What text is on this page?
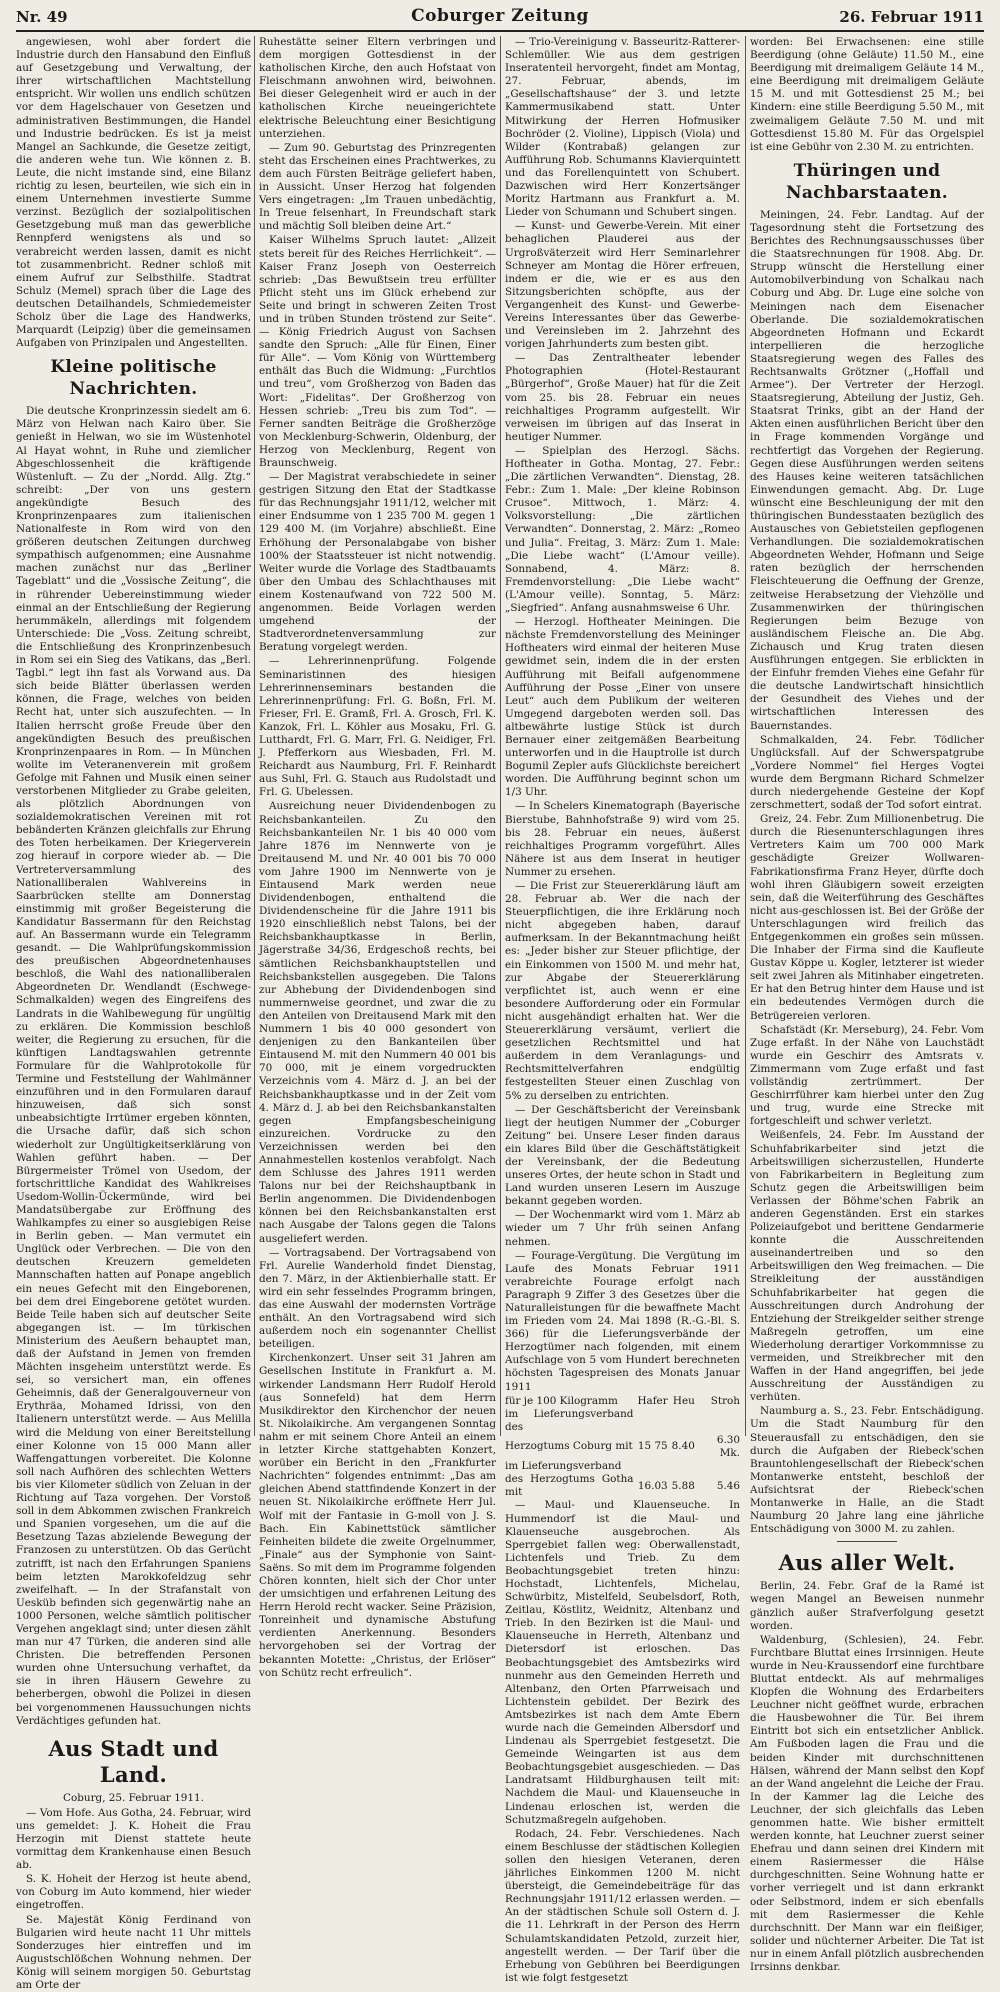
Nr. 49	Coburger Zeitung	26. Februar 1911
angewiesen, wohl aber fordert die Industrie durch den Hansabund den Einfluß auf Gesetzgebung und Verwaltung, der ihrer wirtschaftlichen Machtstellung entspricht. Wir wollen uns endlich schützen vor dem Hagelschauer von Gesetzen und administrativen Bestimmungen, die Handel und Industrie bedrücken. Es ist ja meist Mangel an Sachkunde, die Gesetze zeitigt, die anderen wehe tun. Wie können z. B. Leute, die nicht imstande sind, eine Bilanz richtig zu lesen, beurteilen, wie sich ein in einem Unternehmen investierte Summe verzinst. Bezüglich der sozialpolitischen Gesetzgebung muß man das gewerbliche Rennpferd wenigstens als und so verabreicht werden lassen, damit es nicht tot zusammenbricht. Redner schloß mit einem Aufruf zur Selbsthilfe. Stadtrat Schulz (Memel) sprach über die Lage des deutschen Detailhandels, Schmiedemeister Scholz über die Lage des Handwerks, Marquardt (Leipzig) über die gemeinsamen Aufgaben von Prinzipalen und Angestellten.
Kleine politische Nachrichten.
Die deutsche Kronprinzessin siedelt am 6. März von Helwan nach Kairo über. Sie genießt in Helwan, wo sie im Wüstenhotel Al Hayat wohnt, in Ruhe und ziemlicher Abgeschlossenheit die kräftigende Wüstenluft. — Zu der „Nordd. Allg. Ztg.“ schreibt: „Der von uns gestern angekündigte Besuch des Kronprinzenpaares zum italienischen Nationalfeste in Rom wird von den größeren deutschen Zeitungen durchweg sympathisch aufgenommen; eine Ausnahme machen zunächst nur das „Berliner Tageblatt“ und die „Vossische Zeitung“, die in rührender Uebereinstimmung wieder einmal an der Entschließung der Regierung herummäkeln, allerdings mit folgendem Unterschiede: Die „Voss. Zeitung schreibt, die Entschließung des Kronprinzenbesuch in Rom sei ein Sieg des Vatikans, das „Berl. Tagbl.“ legt ihn fast als Vorwand aus. Da sich beide Blätter überlassen werden können, die Frage, welches von beiden Recht hat, unter sich auszufechten. — In Italien herrscht große Freude über den angekündigten Besuch des preußischen Kronprinzenpaares in Rom. — In München wollte im Veteranenverein mit großem Gefolge mit Fahnen und Musik einen seiner verstorbenen Mitglieder zu Grabe geleiten, als plötzlich Abordnungen von sozialdemokratischen Vereinen mit rot bebänderten Kränzen gleichfalls zur Ehrung des Toten herbeikamen. Der Kriegerverein zog hierauf in corpore wieder ab. — Die Vertreterversammlung des Nationalliberalen Wahlvereins in Saarbrücken stellte am Donnerstag einstimmig mit großer Begeisterung die Kandidatur Bassermann für den Reichstag auf. An Bassermann wurde ein Telegramm gesandt. — Die Wahlprüfungskommission des preußischen Abgeordnetenhauses beschloß, die Wahl des nationalliberalen Abgeordneten Dr. Wendlandt (Eschwege-Schmalkalden) wegen des Eingreifens des Landrats in die Wahlbewegung für ungültig zu erklären. Die Kommission beschloß weiter, die Regierung zu ersuchen, für die künftigen Landtagswahlen getrennte Formulare für die Wahlprotokolle für Termine und Feststellung der Wahlmänner einzuführen und in den Formularen darauf hinzuweisen, daß sich sonst unbeabsichtigte Irrtümer ergeben könnten, die Ursache dafür, daß sich schon wiederholt zur Ungültigkeitserklärung von Wahlen geführt haben. — Der Bürgermeister Trömel von Usedom, der fortschrittliche Kandidat des Wahlkreises Usedom-Wollin-Ückermünde, wird bei Mandatsübergabe zur Eröffnung des Wahlkampfes zu einer so ausgiebigen Reise in Berlin geben. — Man vermutet ein Unglück oder Verbrechen. — Die von den deutschen Kreuzern gemeldeten Mannschaften hatten auf Ponape angeblich ein neues Gefecht mit den Eingeborenen, bei dem drei Eingeborene getötet wurden. Beide Teile haben sich auf deutscher Seite abgegangen ist. — Im türkischen Ministerium des Aeußern behauptet man, daß der Aufstand in Jemen von fremden Mächten insgeheim unterstützt werde. Es sei, so versichert man, ein offenes Geheimnis, daß der Generalgouverneur von Erythräa, Mohamed Idrissi, von den Italienern unterstützt werde. — Aus Melilla wird die Meldung von einer Bereitstellung einer Kolonne von 15 000 Mann aller Waffengattungen vorbereitet. Die Kolonne soll nach Aufhören des schlechten Wetters bis vier Kilometer südlich von Zeluan in der Richtung auf Taza vorgehen. Der Vorstoß soll in dem Abkommen zwischen Frankreich und Spanien vorgesehen, um die auf die Besetzung Tazas abzielende Bewegung der Franzosen zu unterstützen. Ob das Gerücht zutrifft, ist nach den Erfahrungen Spaniens beim letzten Marokkofeldzug sehr zweifelhaft. — In der Strafanstalt von Uesküb befinden sich gegenwärtig nahe an 1000 Personen, welche sämtlich politischer Vergehen angeklagt sind; unter diesen zählt man nur 47 Türken, die anderen sind alle Christen. Die betreffenden Personen wurden ohne Untersuchung verhaftet, da sie in ihren Häusern Gewehre zu beherbergen, obwohl die Polizei in diesen bei vorgenommenen Haussuchungen nichts Verdächtiges gefunden hat.
Aus Stadt und Land.
Coburg, 25. Februar 1911.
— Vom Hofe. Aus Gotha, 24. Februar, wird uns gemeldet: J. K. Hoheit die Frau Herzogin mit Dienst stattete heute vormittag dem Krankenhause einen Besuch ab.
S. K. Hoheit der Herzog ist heute abend, von Coburg im Auto kommend, hier wieder eingetroffen.
Se. Majestät König Ferdinand von Bulgarien wird heute nacht 11 Uhr mittels Sonderzuges hier eintreffen und im Augustschlößchen Wohnung nehmen. Der König will seinem morgigen 50. Geburtstag am Orte der
Ruhestätte seiner Eltern verbringen und dem morgigen Gottesdienst in der katholischen Kirche, den auch Hofstaat von Fleischmann anwohnen wird, beiwohnen. Bei dieser Gelegenheit wird er auch in der katholischen Kirche neueingerichtete elektrische Beleuchtung einer Besichtigung unterziehen.
— Zum 90. Geburtstag des Prinzregenten steht das Erscheinen eines Prachtwerkes, zu dem auch Fürsten Beiträge geliefert haben, in Aussicht. Unser Herzog hat folgenden Vers eingetragen: „Im Trauen unbedächtig, In Treue felsenhart, In Freundschaft stark und mächtig Soll bleiben deine Art.“
Kaiser Wilhelms Spruch lautet: „Allzeit stets bereit für des Reiches Herrlichkeit“. — Kaiser Franz Joseph von Oesterreich schrieb: „Das Bewußtsein treu erfüllter Pflicht steht uns im Glück erhebend zur Seite und bringt in schweren Zeiten Trost und in trüben Stunden tröstend zur Seite“. — König Friedrich August von Sachsen sandte den Spruch: „Alle für Einen, Einer für Alle“. — Vom König von Württemberg enthält das Buch die Widmung: „Furchtlos und treu“, vom Großherzog von Baden das Wort: „Fidelitas“. Der Großherzog von Hessen schrieb: „Treu bis zum Tod“. — Ferner sandten Beiträge die Großherzöge von Mecklenburg-Schwerin, Oldenburg, der Herzog von Mecklenburg, Regent von Braunschweig.
— Der Magistrat verabschiedete in seiner gestrigen Sitzung den Etat der Stadtkasse für das Rechnungsjahr 1911/12, welcher mit einer Endsumme von 1 235 700 M. gegen 1 129 400 M. (im Vorjahre) abschließt. Eine Erhöhung der Personalabgabe von bisher 100% der Staatssteuer ist nicht notwendig. Weiter wurde die Vorlage des Stadtbauamts über den Umbau des Schlachthauses mit einem Kostenaufwand von 722 500 M. angenommen. Beide Vorlagen werden umgehend der Stadtverordnetenversammlung zur Beratung vorgelegt werden.
— Lehrerinnenprüfung. Folgende Seminaristinnen des hiesigen Lehrerinnenseminars bestanden die Lehrerinnenprüfung: Frl. G. Boßn, Frl. M. Frieser, Frl. E. Gramß, Frl. A. Grosch, Frl. K. Kanzok, Frl. L. Köhler aus Mosaku, Frl. G. Lutthardt, Frl. G. Marr, Frl. G. Neidiger, Frl. J. Pfefferkorn aus Wiesbaden, Frl. M. Reichardt aus Naumburg, Frl. F. Reinhardt aus Suhl, Frl. G. Stauch aus Rudolstadt und Frl. G. Ubelessen.
Ausreichung neuer Dividendenbogen zu Reichsbankanteilen. Zu den Reichsbankanteilen Nr. 1 bis 40 000 vom Jahre 1876 im Nennwerte von je Dreitausend M. und Nr. 40 001 bis 70 000 vom Jahre 1900 im Nennwerte von je Eintausend Mark werden neue Dividendenbogen, enthaltend die Dividendenscheine für die Jahre 1911 bis 1920 einschließlich nebst Talons, bei der Reichsbankhauptkasse in Berlin, Jägerstraße 34/36, Erdgeschoß rechts, bei sämtlichen Reichsbankhauptstellen und Reichsbankstellen ausgegeben. Die Talons zur Abhebung der Dividendenbogen sind nummernweise geordnet, und zwar die zu den Anteilen von Dreitausend Mark mit den Nummern 1 bis 40 000 gesondert von denjenigen zu den Bankanteilen über Eintausend M. mit den Nummern 40 001 bis 70 000, mit je einem vorgedruckten Verzeichnis vom 4. März d. J. an bei der Reichsbankhauptkasse und in der Zeit vom 4. März d. J. ab bei den Reichsbankanstalten gegen Empfangsbescheinigung einzureichen. Vordrucke zu den Verzeichnissen werden bei den Annahmestellen kostenlos verabfolgt. Nach dem Schlusse des Jahres 1911 werden Talons nur bei der Reichshauptbank in Berlin angenommen. Die Dividendenbogen können bei den Reichsbankanstalten erst nach Ausgabe der Talons gegen die Talons ausgeliefert werden.
— Vortragsabend. Der Vortragsabend von Frl. Aurelie Wanderhold findet Dienstag, den 7. März, in der Aktienbierhalle statt. Er wird ein sehr fesselndes Programm bringen, das eine Auswahl der modernsten Vorträge enthält. An den Vortragsabend wird sich außerdem noch ein sogenannter Chellist beteiligen.
Kirchenkonzert. Unser seit 31 Jahren am Gesellschen Institute in Frankfurt a. M. wirkender Landsmann Herr Rudolf Herold (aus Sonnefeld) hat dem Herrn Musikdirektor den Kirchenchor der neuen St. Nikolaikirche. Am vergangenen Sonntag nahm er mit seinem Chore Anteil an einem in letzter Kirche stattgehabten Konzert, worüber ein Bericht in den „Frankfurter Nachrichten“ folgendes entnimmt: „Das am gleichen Abend stattfindende Konzert in der neuen St. Nikolaikirche eröffnete Herr Jul. Wolf mit der Fantasie in G-moll von J. S. Bach. Ein Kabinettstück sämtlicher Feinheiten bildete die zweite Orgelnummer, „Finale“ aus der Symphonie von Saint-Saëns. So mit dem im Programme folgenden Chören konnten, hielt sich der Chor unter der umsichtigen und erfahrenen Leitung des Herrn Herold recht wacker. Seine Präzision, Tonreinheit und dynamische Abstufung verdienten Anerkennung. Besonders hervorgehoben sei der Vortrag der bekannten Motette: „Christus, der Erlöser“ von Schütz recht erfreulich“.
— Trio-Vereinigung v. Basseuritz-Ratterer-Schlemüller. Wie aus dem gestrigen Inseratenteil hervorgeht, findet am Montag, 27. Februar, abends, im „Gesellschaftshause“ der 3. und letzte Kammermusikabend statt. Unter Mitwirkung der Herren Hofmusiker Bochröder (2. Violine), Lippisch (Viola) und Wilder (Kontrabaß) gelangen zur Aufführung Rob. Schumanns Klavierquintett und das Forellenquintett von Schubert. Dazwischen wird Herr Konzertsänger Moritz Hartmann aus Frankfurt a. M. Lieder von Schumann und Schubert singen.
— Kunst- und Gewerbe-Verein. Mit einer behaglichen Plauderei aus der Urgroßväterzeit wird Herr Seminarlehrer Schneyer am Montag die Hörer erfreuen, indem er die, wie er es aus den Sitzungsberichten schöpfte, aus der Vergangenheit des Kunst- und Gewerbe-Vereins Interessantes über das Gewerbe- und Vereinsleben im 2. Jahrzehnt des vorigen Jahrhunderts zum besten gibt.
— Das Zentraltheater lebender Photographien (Hotel-Restaurant „Bürgerhof“, Große Mauer) hat für die Zeit vom 25. bis 28. Februar ein neues reichhaltiges Programm aufgestellt. Wir verweisen im übrigen auf das Inserat in heutiger Nummer.
— Spielplan des Herzogl. Sächs. Hoftheater in Gotha. Montag, 27. Febr.: „Die zärtlichen Verwandten“. Dienstag, 28. Febr.: Zum 1. Male: „Der kleine Robinson Crusoe“. Mittwoch, 1. März: 4. Volksvorstellung: „Die zärtlichen Verwandten“. Donnerstag, 2. März: „Romeo und Julia“. Freitag, 3. März: Zum 1. Male: „Die Liebe wacht“ (L'Amour veille). Sonnabend, 4. März: 8. Fremdenvorstellung: „Die Liebe wacht“ (L'Amour veille). Sonntag, 5. März: „Siegfried“. Anfang ausnahmsweise 6 Uhr.
— Herzogl. Hoftheater Meiningen. Die nächste Fremdenvorstellung des Meininger Hoftheaters wird einmal der heiteren Muse gewidmet sein, indem die in der ersten Aufführung mit Beifall aufgenommene Aufführung der Posse „Einer von unsere Leut“ auch dem Publikum der weiteren Umgegend dargeboten werden soll. Das altbewährte lustige Stück ist durch Bernauer einer zeitgemäßen Bearbeitung unterworfen und in die Hauptrolle ist durch Bogumil Zepler aufs Glücklichste bereichert worden. Die Aufführung beginnt schon um 1/3 Uhr.
— In Schelers Kinematograph (Bayerische Bierstube, Bahnhofstraße 9) wird vom 25. bis 28. Februar ein neues, äußerst reichhaltiges Programm vorgeführt. Alles Nähere ist aus dem Inserat in heutiger Nummer zu ersehen.
— Die Frist zur Steuererklärung läuft am 28. Februar ab. Wer die nach der Steuerpflichtigen, die ihre Erklärung noch nicht abgegeben haben, darauf aufmerksam. In der Bekanntmachung heißt es: „Jeder bisher zur Steuer pflichtige, der ein Einkommen von 1500 M. und mehr hat, zur Abgabe der Steuererklärung verpflichtet ist, auch wenn er eine besondere Aufforderung oder ein Formular nicht ausgehändigt erhalten hat. Wer die Steuererklärung versäumt, verliert die gesetzlichen Rechtsmittel und hat außerdem in dem Veranlagungs- und Rechtsmittelverfahren endgültig festgestellten Steuer einen Zuschlag von 5% zu derselben zu entrichten.
— Der Geschäftsbericht der Vereinsbank liegt der heutigen Nummer der „Coburger Zeitung“ bei. Unsere Leser finden daraus ein klares Bild über die Geschäftstätigkeit der Vereinsbank, der die Bedeutung unseres Ortes, der heute schon in Stadt und Land wurden unseren Lesern im Auszuge bekannt gegeben worden.
— Der Wochenmarkt wird vom 1. März ab wieder um 7 Uhr früh seinen Anfang nehmen.
— Fourage-Vergütung. Die Vergütung im Laufe des Monats Februar 1911 verabreichte Fourage erfolgt nach Paragraph 9 Ziffer 3 des Gesetzes über die Naturalleistungen für die bewaffnete Macht im Frieden vom 24. Mai 1898 (R.-G.-Bl. S. 366) für die Lieferungsverbände der Herzogtümer nach folgenden, mit einem Aufschlage von 5 vom Hundert berechneten höchsten Tagespreisen des Monats Januar 1911
für je 100 Kilogramm	Hafer	Heu	Stroh
im Lieferungsverband des			
Herzogtums Coburg mit	15 75	8.40	6.30 Mk.
im Lieferungsverband			
des Herzogtums Gotha mit	16.03	5.88	5.46
— Maul- und Klauenseuche. In Hummendorf ist die Maul- und Klauenseuche ausgebrochen. Als Sperrgebiet fallen weg: Oberwallenstadt, Lichtenfels und Trieb. Zu dem Beobachtungsgebiet treten hinzu: Hochstadt, Lichtenfels, Michelau, Schwürbitz, Mistelfeld, Seubelsdorf, Roth, Zeitlau, Köstlitz, Weidnitz, Altenbanz und Trieb. In den Bezirken ist die Maul- und Klauenseuche in Herreth, Altenbanz und Dietersdorf ist erloschen. Das Beobachtungsgebiet des Amtsbezirks wird nunmehr aus den Gemeinden Herreth und Altenbanz, den Orten Pfarrweisach und Lichtenstein gebildet. Der Bezirk des Amtsbezirkes ist nach dem Amte Ebern wurde nach die Gemeinden Albersdorf und Lindenau als Sperrgebiet festgesetzt. Die Gemeinde Weingarten ist aus dem Beobachtungsgebiet ausgeschieden. — Das Landratsamt Hildburghausen teilt mit: Nachdem die Maul- und Klauenseuche in Lindenau erloschen ist, werden die Schutzmaßregeln aufgehoben.
Rodach, 24. Febr. Verschiedenes. Nach einem Beschlusse der städtischen Kollegien sollen den hiesigen Veteranen, deren jährliches Einkommen 1200 M. nicht übersteigt, die Gemeindebeiträge für das Rechnungsjahr 1911/12 erlassen werden. — An der städtischen Schule soll Ostern d. J. die 11. Lehrkraft in der Person des Herrn Schulamtskandidaten Petzold, zurzeit hier, angestellt werden. — Der Tarif über die Erhebung von Gebühren bei Beerdigungen ist wie folgt festgesetzt
worden: Bei Erwachsenen: eine stille Beerdigung (ohne Geläute) 11.50 M., eine Beerdigung mit dreimaligem Geläute 14 M., eine Beerdigung mit dreimaligem Geläute 15 M. und mit Gottesdienst 25 M.; bei Kindern: eine stille Beerdigung 5.50 M., mit zweimaligem Geläute 7.50 M. und mit Gottesdienst 15.80 M. Für das Orgelspiel ist eine Gebühr von 2.30 M. zu entrichten.
Thüringen und Nachbarstaaten.
Meiningen, 24. Febr. Landtag. Auf der Tagesordnung steht die Fortsetzung des Berichtes des Rechnungsausschusses über die Staatsrechnungen für 1908. Abg. Dr. Strupp wünscht die Herstellung einer Automobilverbindung von Schalkau nach Coburg und Abg. Dr. Luge eine solche von Meiningen nach dem Eisenacher Oberlande. Die sozialdemokratischen Abgeordneten Hofmann und Eckardt interpellieren die herzogliche Staatsregierung wegen des Falles des Rechtsanwalts Grötzner („Hoffall und Armee“). Der Vertreter der Herzogl. Staatsregierung, Abteilung der Justiz, Geh. Staatsrat Trinks, gibt an der Hand der Akten einen ausführlichen Bericht über den in Frage kommenden Vorgänge und rechtfertigt das Vorgehen der Regierung. Gegen diese Ausführungen werden seitens des Hauses keine weiteren tatsächlichen Einwendungen gemacht. Abg. Dr. Luge wünscht eine Beschleunigung der mit den thüringischen Bundesstaaten bezüglich des Austausches von Gebietsteilen gepflogenen Verhandlungen. Die sozialdemokratischen Abgeordneten Wehder, Hofmann und Seige raten bezüglich der herrschenden Fleischteuerung die Oeffnung der Grenze, zeitweise Herabsetzung der Viehzölle und Zusammenwirken der thüringischen Regierungen beim Bezuge von ausländischem Fleische an. Die Abg. Zichausch und Krug traten diesen Ausführungen entgegen. Sie erblickten in der Einfuhr fremden Viehes eine Gefahr für die deutsche Landwirtschaft hinsichtlich der Gesundheit des Viehes und der wirtschaftlichen Interessen des Bauernstandes.
Schmalkalden, 24. Febr. Tödlicher Unglücksfall. Auf der Schwerspatgrube „Vordere Nommel“ fiel Herges Vogtei wurde dem Bergmann Richard Schmelzer durch niedergehende Gesteine der Kopf zerschmettert, sodaß der Tod sofort eintrat.
Greiz, 24. Febr. Zum Millionenbetrug. Die durch die Riesenunterschlagungen ihres Vertreters Kaim um 700 000 Mark geschädigte Greizer Wollwaren-Fabrikationsfirma Franz Heyer, dürfte doch wohl ihren Gläubigern soweit erzeigten sein, daß die Weiterführung des Geschäftes nicht aus-geschlossen ist. Bei der Größe der Unterschlagungen wird freilich das Entgegenkommen ein großes sein müssen. Die Inhaber der Firma sind die Kaufleute Gustav Köppe u. Kogler, letzterer ist wieder seit zwei Jahren als Mitinhaber eingetreten. Er hat den Betrug hinter dem Hause und ist ein bedeutendes Vermögen durch die Betrügereien verloren.
Schafstädt (Kr. Merseburg), 24. Febr. Vom Zuge erfaßt. In der Nähe von Lauchstädt wurde ein Geschirr des Amtsrats v. Zimmermann vom Zuge erfaßt und fast vollständig zertrümmert. Der Geschirrführer kam hierbei unter den Zug und trug, wurde eine Strecke mit fortgeschleift und schwer verletzt.
Weißenfels, 24. Febr. Im Ausstand der Schuhfabrikarbeiter sind jetzt die Arbeitswilligen sicherzustellen, Hunderte von Fabrikarbeitern in Begleitung zum Schutz gegen die Arbeitswilligen beim Verlassen der Böhme'schen Fabrik an anderen Gegenständen. Erst ein starkes Polizeiaufgebot und berittene Gendarmerie konnte die Ausschreitenden auseinandertreiben und so den Arbeitswilligen den Weg freimachen. — Die Streikleitung der ausständigen Schuhfabrikarbeiter hat gegen die Ausschreitungen durch Androhung der Entziehung der Streikgelder seither strenge Maßregeln getroffen, um eine Wiederholung derartiger Vorkommnisse zu vermeiden, und Streikbrecher mit den Waffen in der Hand angegriffen, bei jede Ausschreitung der Ausständigen zu verhüten.
Naumburg a. S., 23. Febr. Entschädigung. Um die Stadt Naumburg für den Steuerausfall zu entschädigen, den sie durch die Aufgaben der Riebeck'schen Brauntohlengesellschaft der Riebeck'schen Montanwerke entsteht, beschloß der Aufsichtsrat der Riebeck'schen Montanwerke in Halle, an die Stadt Naumburg 20 Jahre lang eine jährliche Entschädigung von 3000 M. zu zahlen.
Aus aller Welt.
Berlin, 24. Febr. Graf de la Ramé ist wegen Mangel an Beweisen nunmehr gänzlich außer Strafverfolgung gesetzt worden.
Waldenburg, (Schlesien), 24. Febr. Furchtbare Bluttat eines Irrsinnigen. Heute wurde in Neu-Kraussendorf eine furchtbare Bluttat entdeckt. Als auf mehrmaliges Klopfen die Wohnung des Erdarbeiters Leuchner nicht geöffnet wurde, erbrachen die Hausbewohner die Tür. Bei ihrem Eintritt bot sich ein entsetzlicher Anblick. Am Fußboden lagen die Frau und die beiden Kinder mit durchschnittenen Hälsen, während der Mann selbst den Kopf an der Wand angelehnt die Leiche der Frau. In der Kammer lag die Leiche des Leuchner, der sich gleichfalls das Leben genommen hatte. Wie bisher ermittelt werden konnte, hat Leuchner zuerst seiner Ehefrau und dann seinen drei Kindern mit einem Rasiermesser die Hälse durchgeschnitten. Seine Wohnung hatte er vorher verriegelt und ist dann erkrankt oder Selbstmord, indem er sich ebenfalls mit dem Rasiermesser die Kehle durchschnitt. Der Mann war ein fleißiger, solider und nüchterner Arbeiter. Die Tat ist nur in einem Anfall plötzlich ausbrechenden Irrsinns denkbar.
